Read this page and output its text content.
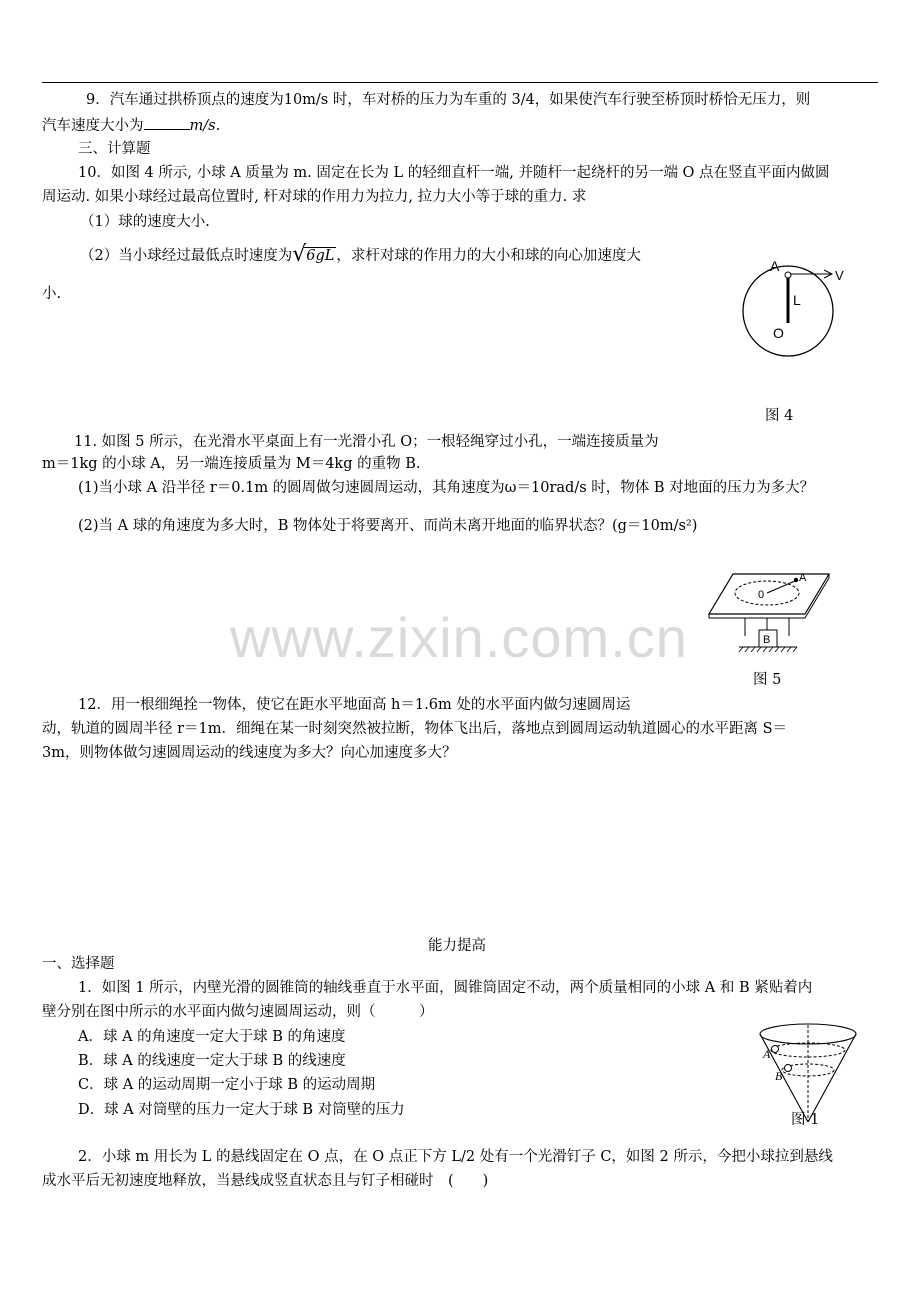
9．汽车通过拱桥顶点的速度为10m/s 时，车对桥的压力为车重的 3/4，如果使汽车行驶至桥顶时桥恰无压力，则
汽车速度大小为	m/s.
三、计算题
10．如图 4 所示, 小球 A 质量为 m. 固定在长为 L 的轻细直杆一端, 并随杆一起绕杆的另一端 O 点在竖直平面内做圆
周运动. 如果小球经过最高位置时, 杆对球的作用力为拉力, 拉力大小等于球的重力. 求
（1）球的速度大小.
（2）当小球经过最低点时速度为 √ 6gL ，求杆对球的作用力的大小和球的向心加速度大
小.
A
V
L
O
图 4
11. 如图 5 所示，在光滑水平桌面上有一光滑小孔 O；一根轻绳穿过小孔，一端连接质量为
m＝1kg 的小球 A，另一端连接质量为 M＝4kg 的重物 B.
(1)当小球 A 沿半径 r＝0.1m 的圆周做匀速圆周运动，其角速度为ω＝10rad/s 时，物体 B 对地面的压力为多大？
(2)当 A 球的角速度为多大时，B 物体处于将要离开、而尚未离开地面的临界状态？(g＝10m/s²)
A
0
B
图 5
www.zixin.com.cn
12．用一根细绳拴一物体，使它在距水平地面高 h＝1.6m 处的水平面内做匀速圆周运
动，轨道的圆周半径 r＝1m．细绳在某一时刻突然被拉断，物体飞出后，落地点到圆周运动轨道圆心的水平距离 S＝
3m，则物体做匀速圆周运动的线速度为多大？向心加速度多大？
能力提高
一、选择题
1．如图 1 所示，内壁光滑的圆锥筒的轴线垂直于水平面，圆锥筒固定不动，两个质量相同的小球 A 和 B 紧贴着内
壁分别在图中所示的水平面内做匀速圆周运动，则（　　　）
A．球 A 的角速度一定大于球 B 的角速度
B．球 A 的线速度一定大于球 B 的线速度
C．球 A 的运动周期一定小于球 B 的运动周期
D．球 A 对筒壁的压力一定大于球 B 对筒壁的压力
A
B
图 1
2．小球 m 用长为 L 的悬线固定在 O 点，在 O 点正下方 L/2 处有一个光滑钉子 C，如图 2 所示，今把小球拉到悬线
成水平后无初速度地释放，当悬线成竖直状态且与钉子相碰时　(　　)
